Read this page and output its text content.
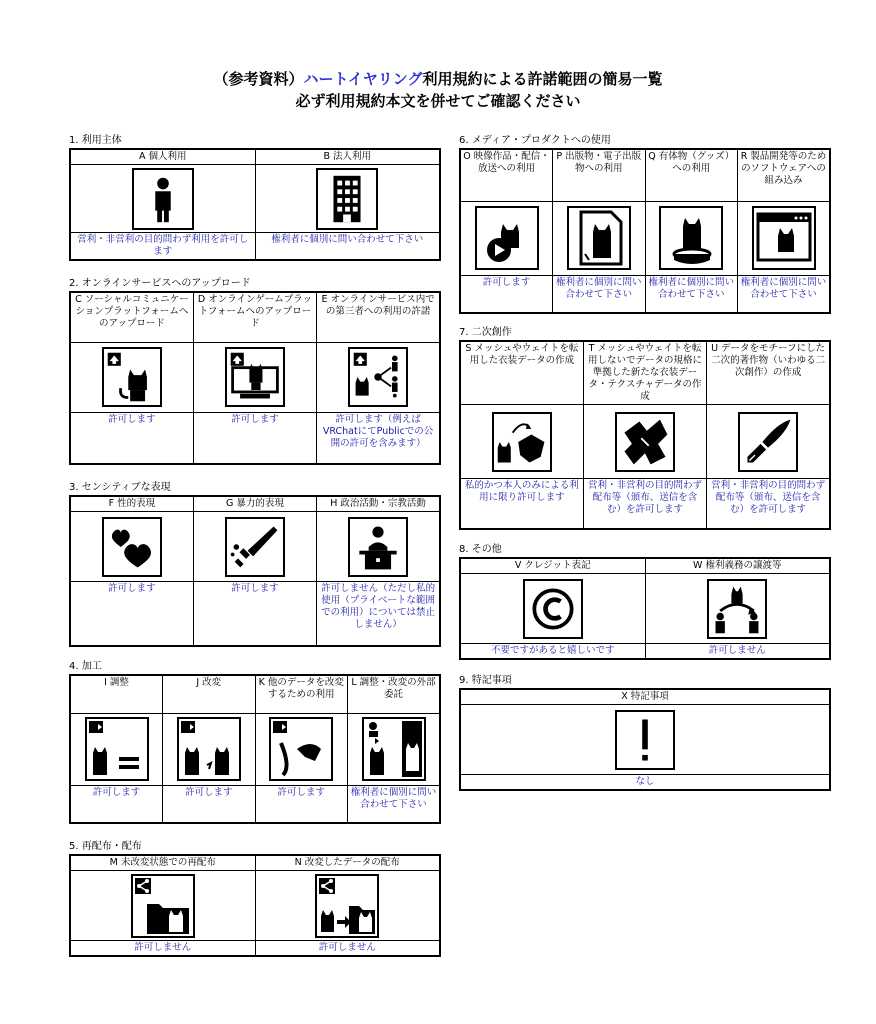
（参考資料）ハートイヤリング利用規約による許諾範囲の簡易一覧
必ず利用規約本文を併せてご確認ください
1. 利用主体
A 個人利用	B 法人利用

営利・非営利の目的問わず利用を許可します	権利者に個別に問い合わせて下さい
2. オンラインサービスへのアップロード
C ソーシャルコミュニケーションプラットフォームへのアップロード	D オンラインゲームプラットフォームへのアップロード	E オンラインサービス内での第三者への利用の許諾

許可します	許可します	許可します（例えばVRChatにてPublicでの公開の許可を含みます）
3. センシティブな表現
F 性的表現	G 暴力的表現	H 政治活動・宗教活動

許可します	許可します	許可しません（ただし私的使用（プライベートな範囲での利用）については禁止しません）
4. 加工
I 調整	J 改変	K 他のデータを改変するための利用	L 調整・改変の外部委託

許可します	許可します	許可します	権利者に個別に問い合わせて下さい
5. 再配布・配布
M 未改変状態での再配布	N 改変したデータの配布

許可しません	許可しません
6. メディア・プロダクトへの使用
O 映像作品・配信・放送への利用	P 出版物・電子出版物への利用	Q 有体物（グッズ）への利用	R 製品開発等のためのソフトウェアへの組み込み

許可します	権利者に個別に問い合わせて下さい	権利者に個別に問い合わせて下さい	権利者に個別に問い合わせて下さい
7. 二次創作
S メッシュやウェイトを転用した衣装データの作成	T メッシュやウェイトを転用しないでデータの規格に準拠した新たな衣装データ・テクスチャデータの作成	U データをモチーフにした二次的著作物（いわゆる二次創作）の作成

私的かつ本人のみによる利用に限り許可します	営利・非営利の目的問わず配布等（頒布、送信を含む）を許可します	営利・非営利の目的問わず配布等（頒布、送信を含む）を許可します
8. その他
V クレジット表記	W 権利義務の譲渡等

不要ですがあると嬉しいです	許可しません
9. 特記事項
X 特記事項

なし
